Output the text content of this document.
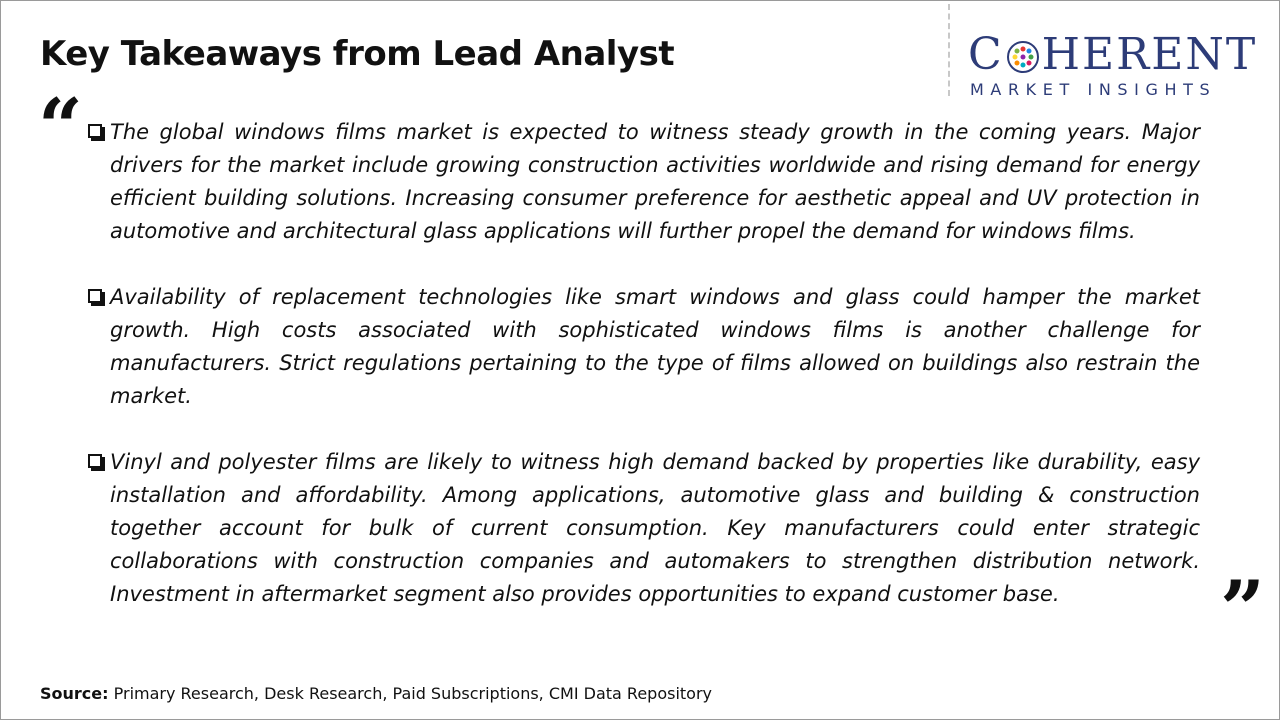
Key Takeaways from Lead Analyst	C HERENT
MARKET INSIGHTS
“ The global windows films market is expected to witness steady growth in the coming years. Major drivers for the market include growing construction activities worldwide and rising demand for energy efficient building solutions. Increasing consumer preference for aesthetic appeal and UV protection in automotive and architectural glass applications will further propel the demand for windows films.
Availability of replacement technologies like smart windows and glass could hamper the market growth. High costs associated with sophisticated windows films is another challenge for manufacturers. Strict regulations pertaining to the type of films allowed on buildings also restrain the market.
Vinyl and polyester films are likely to witness high demand backed by properties like durability, easy installation and affordability. Among applications, automotive glass and building & construction together account for bulk of current consumption. Key manufacturers could enter strategic collaborations with construction companies and automakers to strengthen distribution network. Investment in aftermarket segment also provides opportunities to expand customer base.	”
Source: Primary Research, Desk Research, Paid Subscriptions, CMI Data Repository
